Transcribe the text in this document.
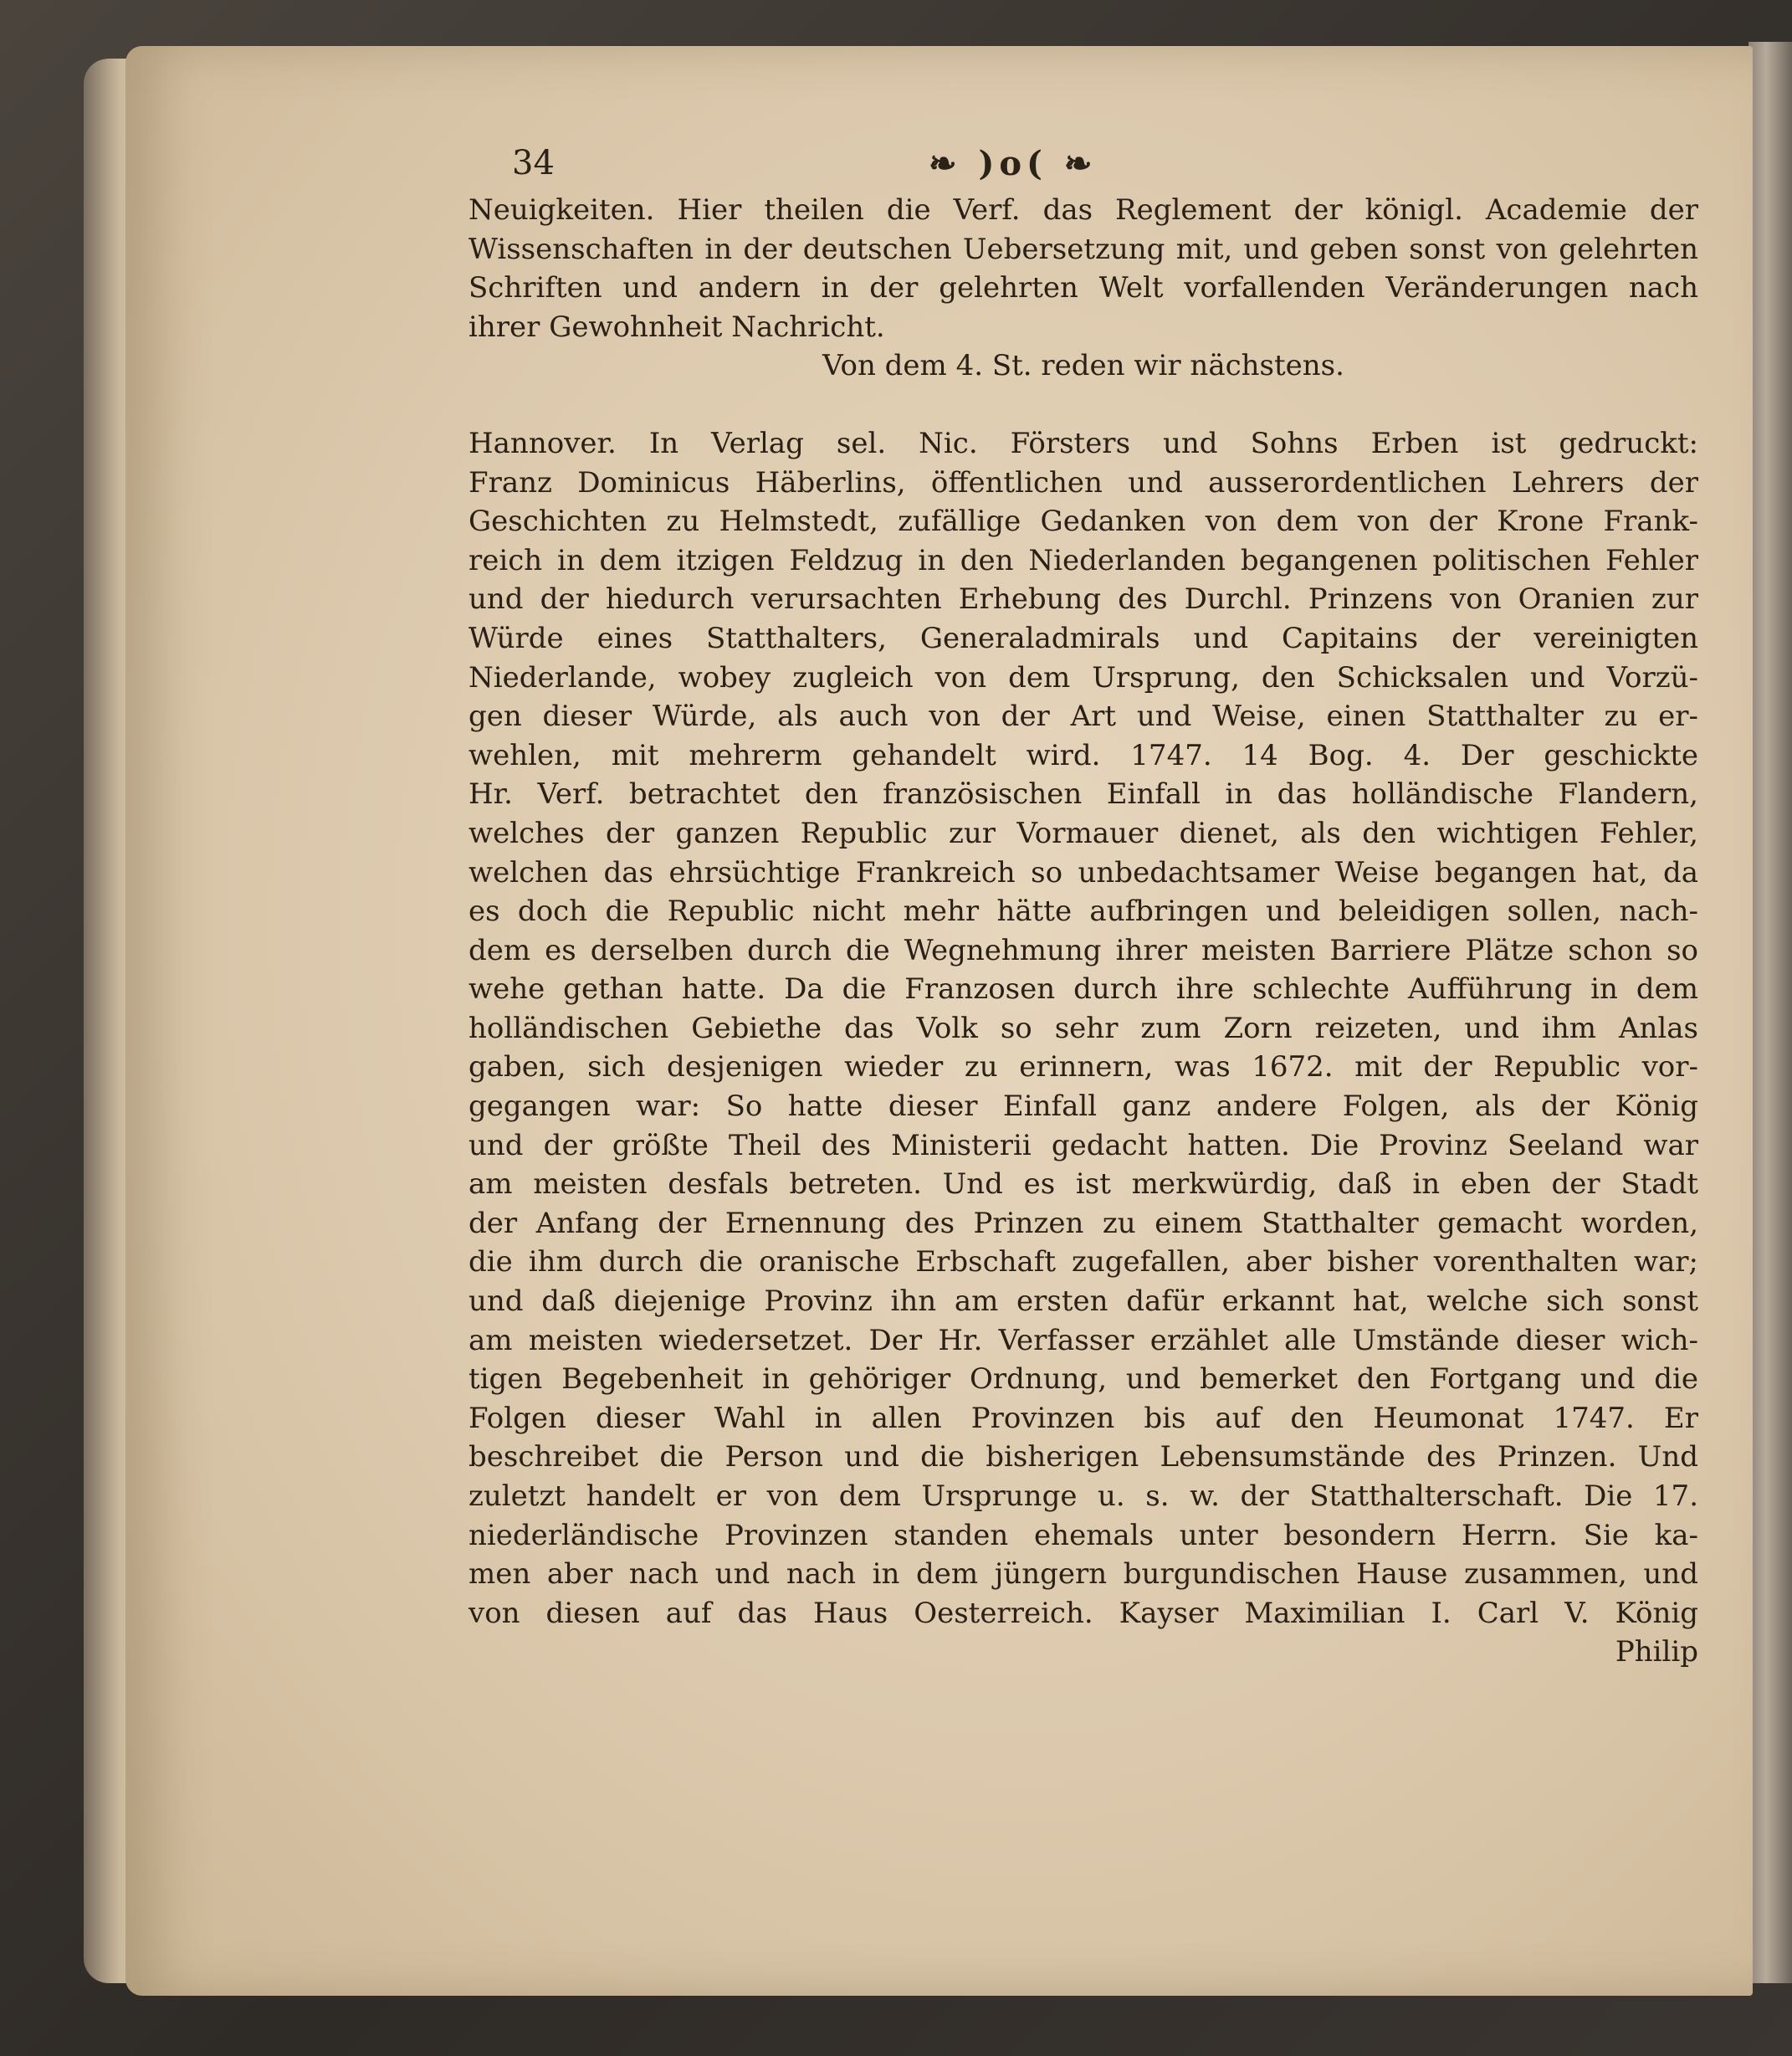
34	❧ )o( ❧
Neuigkeiten. Hier theilen die Verf. das Reglement der königl. Academie der
Wissenschaften in der deutschen Uebersetzung mit, und geben sonst von gelehrten
Schriften und andern in der gelehrten Welt vorfallenden Veränderungen nach
ihrer Gewohnheit Nachricht.
Von dem 4. St. reden wir nächstens.
Hannover. In Verlag sel. Nic. Försters und Sohns Erben ist gedruckt:
Franz Dominicus Häberlins, öffentlichen und ausserordentlichen Lehrers der
Geschichten zu Helmstedt, zufällige Gedanken von dem von der Krone Frank-
reich in dem itzigen Feldzug in den Niederlanden begangenen politischen Fehler
und der hiedurch verursachten Erhebung des Durchl. Prinzens von Oranien zur
Würde eines Statthalters, Generaladmirals und Capitains der vereinigten
Niederlande, wobey zugleich von dem Ursprung, den Schicksalen und Vorzü-
gen dieser Würde, als auch von der Art und Weise, einen Statthalter zu er-
wehlen, mit mehrerm gehandelt wird. 1747. 14 Bog. 4. Der geschickte
Hr. Verf. betrachtet den französischen Einfall in das holländische Flandern,
welches der ganzen Republic zur Vormauer dienet, als den wichtigen Fehler,
welchen das ehrsüchtige Frankreich so unbedachtsamer Weise begangen hat, da
es doch die Republic nicht mehr hätte aufbringen und beleidigen sollen, nach-
dem es derselben durch die Wegnehmung ihrer meisten Barriere Plätze schon so
wehe gethan hatte. Da die Franzosen durch ihre schlechte Aufführung in dem
holländischen Gebiethe das Volk so sehr zum Zorn reizeten, und ihm Anlas
gaben, sich desjenigen wieder zu erinnern, was 1672. mit der Republic vor-
gegangen war: So hatte dieser Einfall ganz andere Folgen, als der König
und der größte Theil des Ministerii gedacht hatten. Die Provinz Seeland war
am meisten desfals betreten. Und es ist merkwürdig, daß in eben der Stadt
der Anfang der Ernennung des Prinzen zu einem Statthalter gemacht worden,
die ihm durch die oranische Erbschaft zugefallen, aber bisher vorenthalten war;
und daß diejenige Provinz ihn am ersten dafür erkannt hat, welche sich sonst
am meisten wiedersetzet. Der Hr. Verfasser erzählet alle Umstände dieser wich-
tigen Begebenheit in gehöriger Ordnung, und bemerket den Fortgang und die
Folgen dieser Wahl in allen Provinzen bis auf den Heumonat 1747. Er
beschreibet die Person und die bisherigen Lebensumstände des Prinzen. Und
zuletzt handelt er von dem Ursprunge u. s. w. der Statthalterschaft. Die 17.
niederländische Provinzen standen ehemals unter besondern Herrn. Sie ka-
men aber nach und nach in dem jüngern burgundischen Hause zusammen, und
von diesen auf das Haus Oesterreich. Kayser Maximilian I. Carl V. König
Philip
